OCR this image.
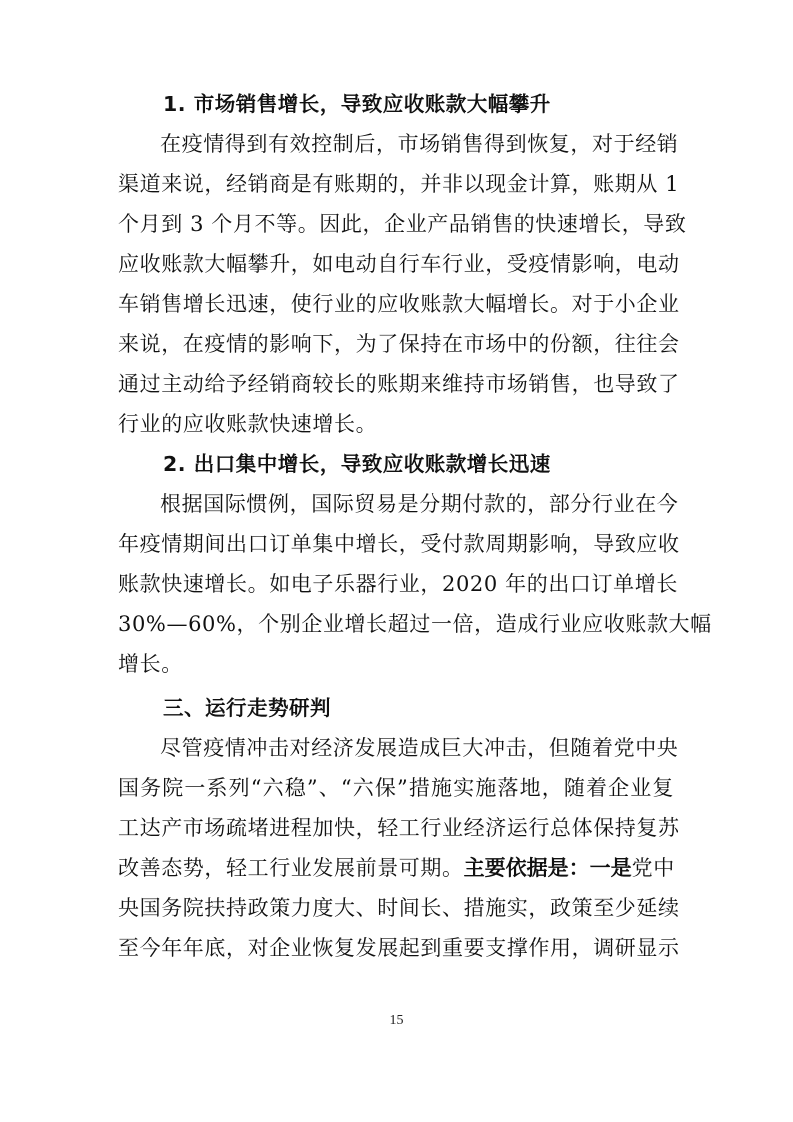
1. 市场销售增长，导致应收账款大幅攀升

在疫情得到有效控制后，市场销售得到恢复，对于经销
渠道来说，经销商是有账期的，并非以现金计算，账期从 1
个月到 3 个月不等。因此，企业产品销售的快速增长，导致
应收账款大幅攀升，如电动自行车行业，受疫情影响，电动
车销售增长迅速，使行业的应收账款大幅增长。对于小企业
来说，在疫情的影响下，为了保持在市场中的份额，往往会
通过主动给予经销商较长的账期来维持市场销售，也导致了
行业的应收账款快速增长。

2. 出口集中增长，导致应收账款增长迅速

根据国际惯例，国际贸易是分期付款的，部分行业在今
年疫情期间出口订单集中增长，受付款周期影响，导致应收
账款快速增长。如电子乐器行业，2020 年的出口订单增长
30%—60%，个别企业增长超过一倍，造成行业应收账款大幅
增长。

三、运行走势研判

尽管疫情冲击对经济发展造成巨大冲击，但随着党中央
国务院一系列“六稳”、“六保”措施实施落地，随着企业复
工达产市场疏堵进程加快，轻工行业经济运行总体保持复苏
改善态势，轻工行业发展前景可期。主要依据是：一是党中
央国务院扶持政策力度大、时间长、措施实，政策至少延续
至今年年底，对企业恢复发展起到重要支撑作用，调研显示

15
